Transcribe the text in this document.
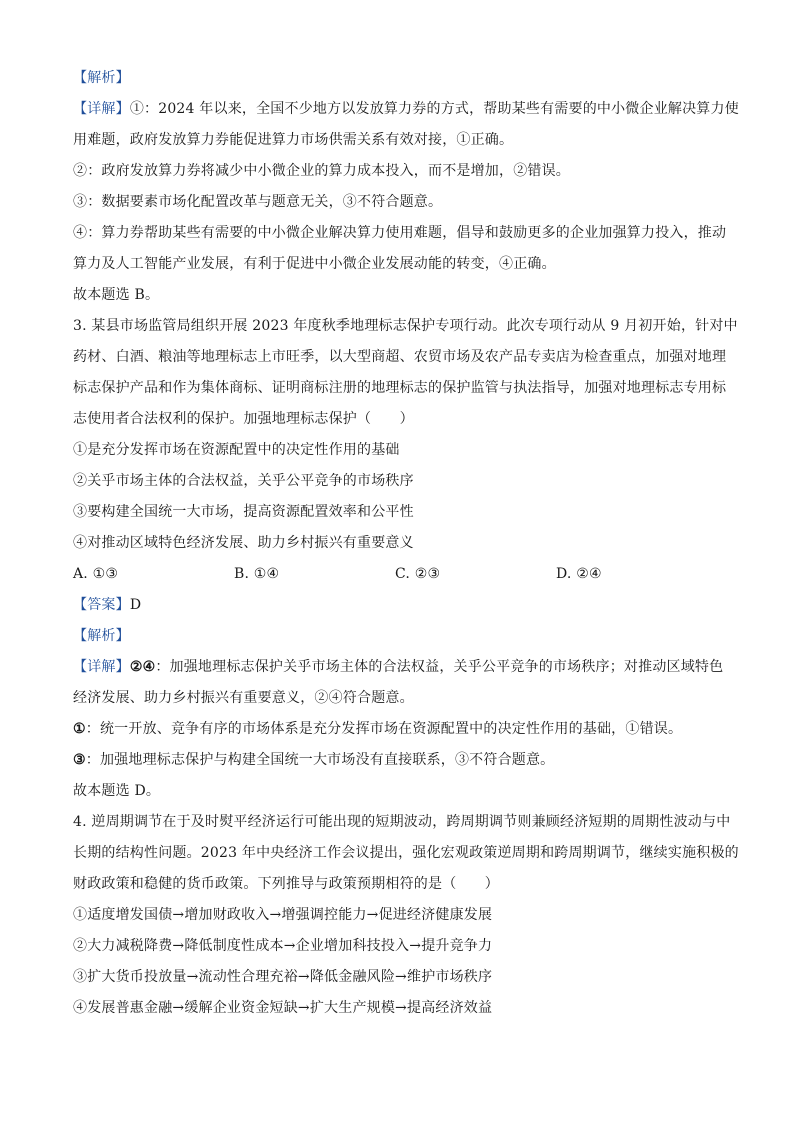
【解析】
【详解】①：2024 年以来，全国不少地方以发放算力券的方式，帮助某些有需要的中小微企业解决算力使
用难题，政府发放算力券能促进算力市场供需关系有效对接，①正确。
②：政府发放算力券将减少中小微企业的算力成本投入，而不是增加，②错误。
③：数据要素市场化配置改革与题意无关，③不符合题意。
④：算力券帮助某些有需要的中小微企业解决算力使用难题，倡导和鼓励更多的企业加强算力投入，推动
算力及人工智能产业发展，有利于促进中小微企业发展动能的转变，④正确。
故本题选 B。
3. 某县市场监管局组织开展 2023 年度秋季地理标志保护专项行动。此次专项行动从 9 月初开始，针对中
药材、白酒、粮油等地理标志上市旺季，以大型商超、农贸市场及农产品专卖店为检查重点，加强对地理
标志保护产品和作为集体商标、证明商标注册的地理标志的保护监管与执法指导，加强对地理标志专用标
志使用者合法权利的保护。加强地理标志保护（　　）
①是充分发挥市场在资源配置中的决定性作用的基础
②关乎市场主体的合法权益，关乎公平竞争的市场秩序
③要构建全国统一大市场，提高资源配置效率和公平性
④对推动区域特色经济发展、助力乡村振兴有重要意义
A. ①③	B. ①④	C. ②③	D. ②④
【答案】D
【解析】
【详解】②④：加强地理标志保护关乎市场主体的合法权益，关乎公平竞争的市场秩序；对推动区域特色
经济发展、助力乡村振兴有重要意义，②④符合题意。
①：统一开放、竞争有序的市场体系是充分发挥市场在资源配置中的决定性作用的基础，①错误。
③：加强地理标志保护与构建全国统一大市场没有直接联系，③不符合题意。
故本题选 D。
4. 逆周期调节在于及时熨平经济运行可能出现的短期波动，跨周期调节则兼顾经济短期的周期性波动与中
长期的结构性问题。2023 年中央经济工作会议提出，强化宏观政策逆周期和跨周期调节，继续实施积极的
财政政策和稳健的货币政策。下列推导与政策预期相符的是（　　）
①适度增发国债→增加财政收入→增强调控能力→促进经济健康发展
②大力减税降费→降低制度性成本→企业增加科技投入→提升竞争力
③扩大货币投放量→流动性合理充裕→降低金融风险→维护市场秩序
④发展普惠金融→缓解企业资金短缺→扩大生产规模→提高经济效益
